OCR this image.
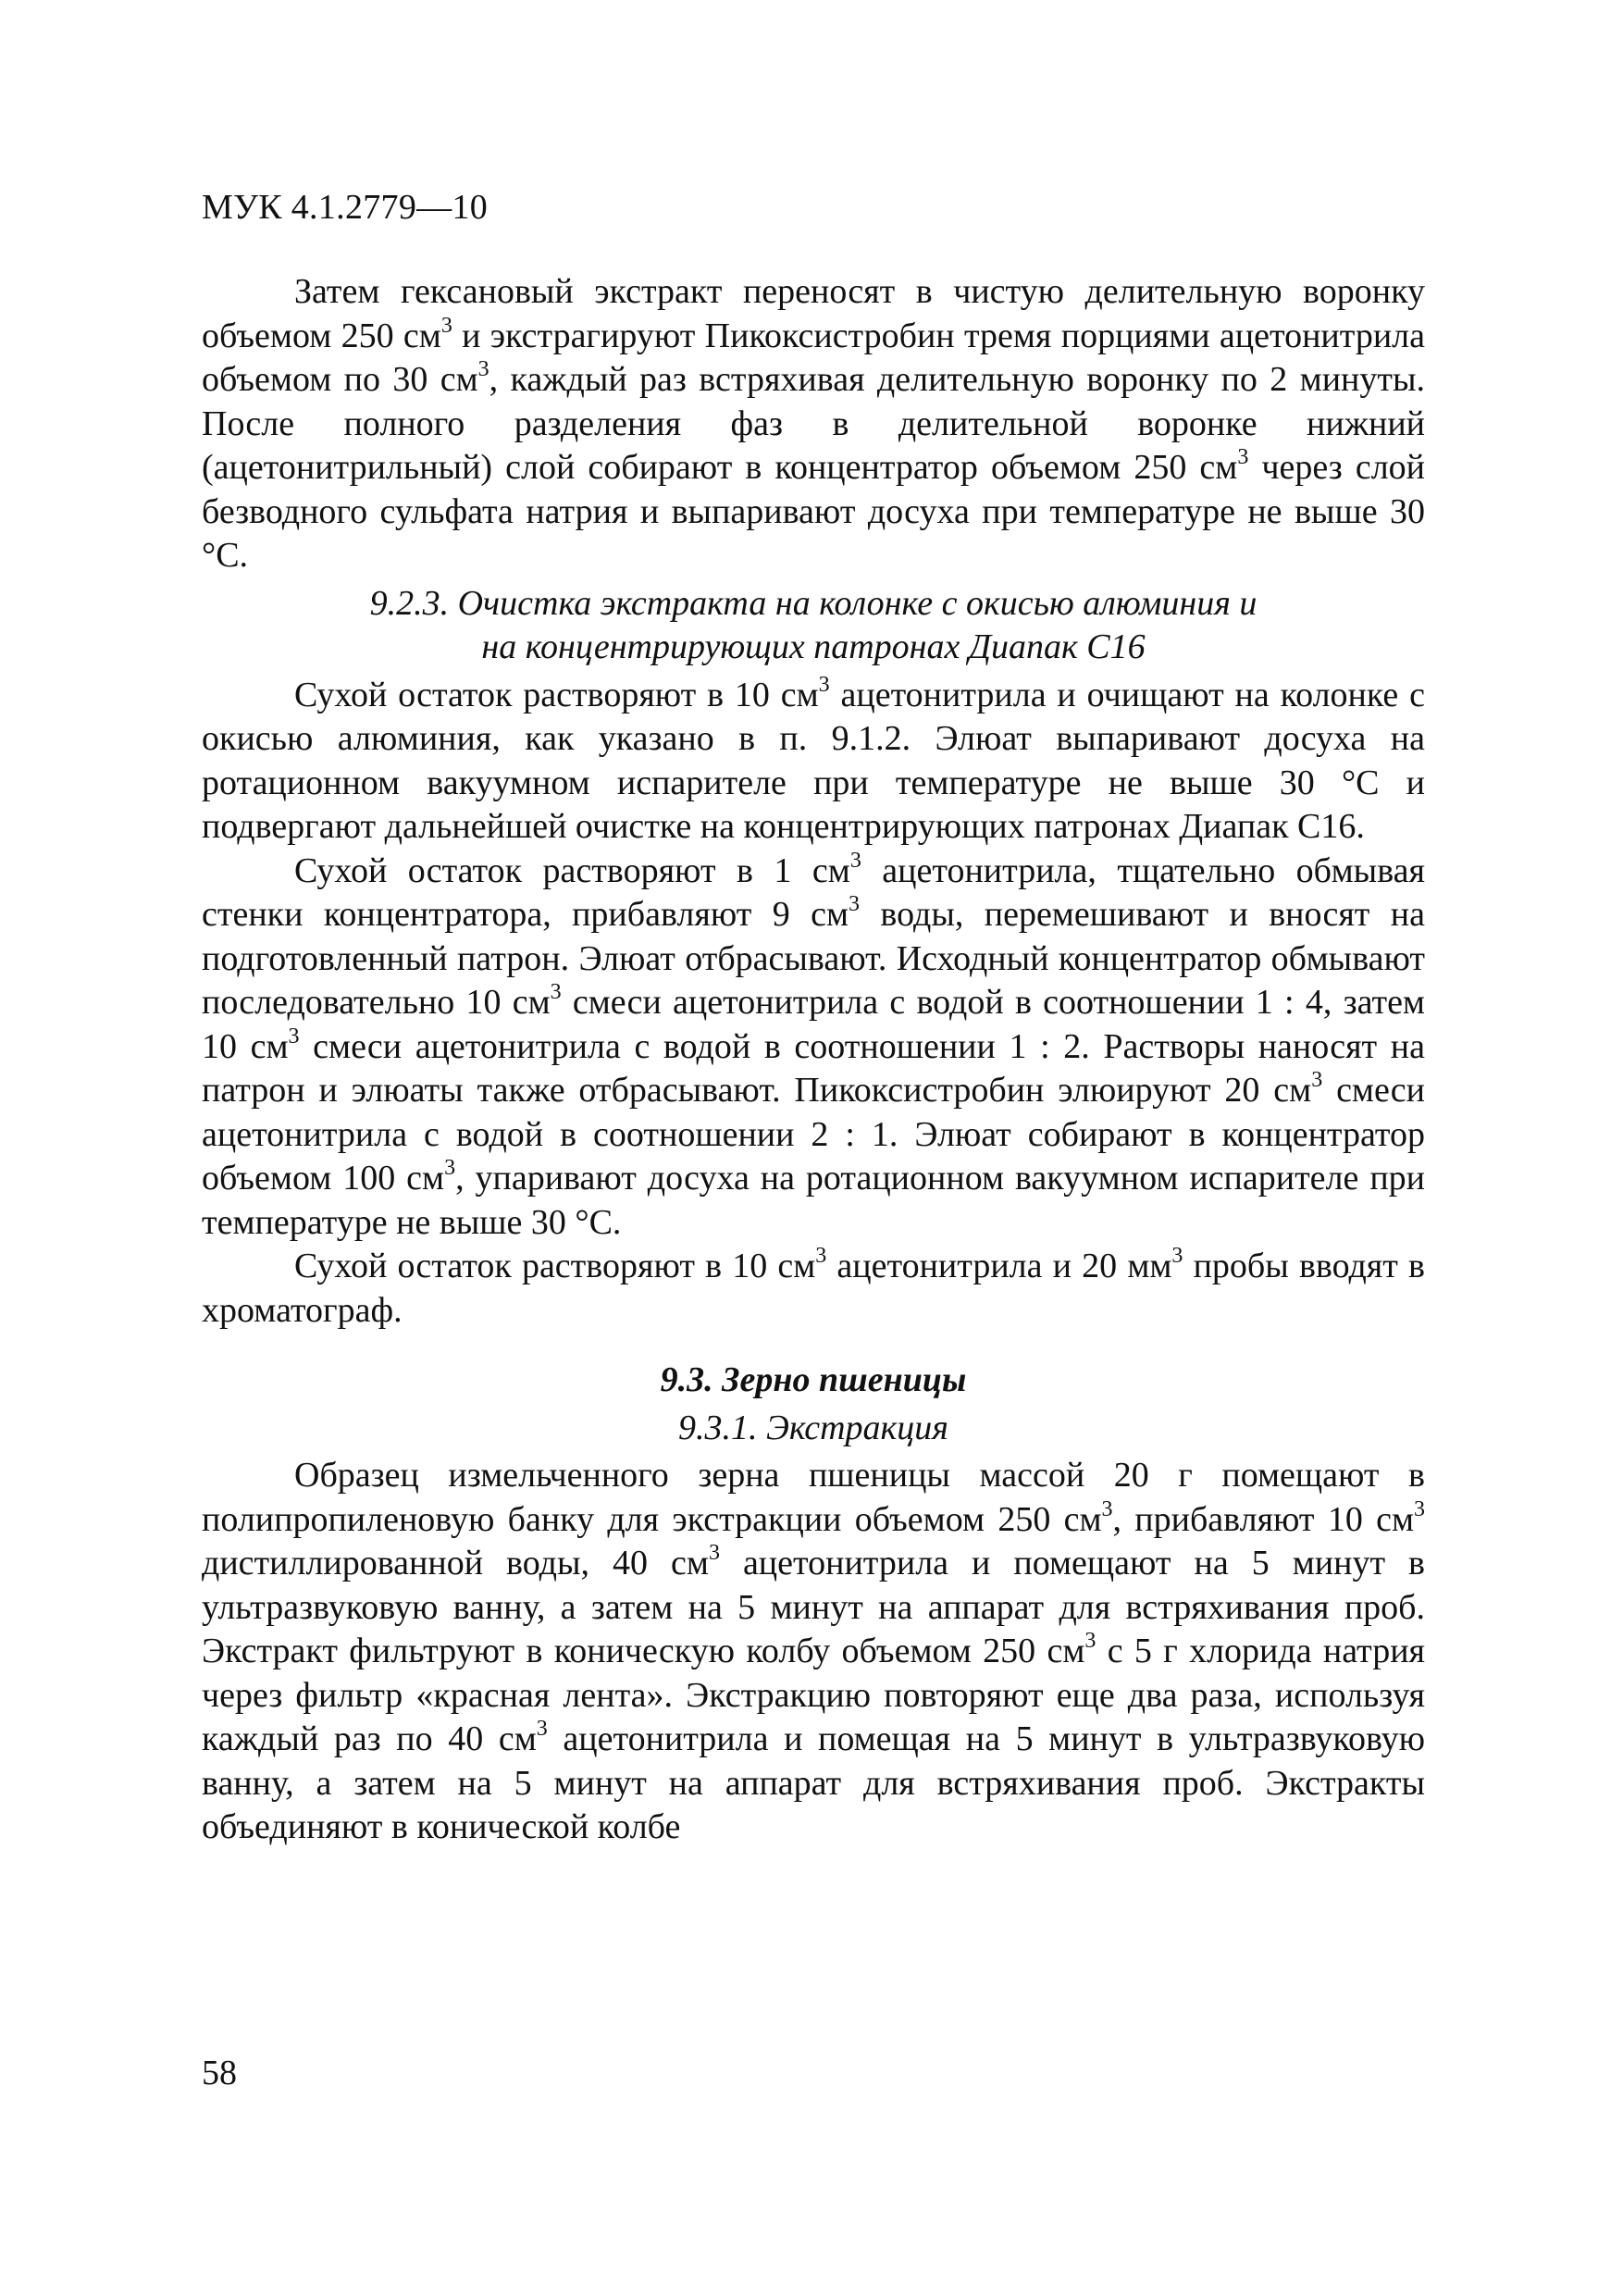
МУК 4.1.2779—10

Затем гексановый экстракт переносят в чистую делительную воронку объемом 250 $см^3$ и экстрагируют Пикоксистробин тремя порциями ацетонитрила объемом по 30 $см^3$, каждый раз встряхивая делительную воронку по 2 минуты. После полного разделения фаз в делительной воронке нижний (ацетонитрильный) слой собирают в концентратор объемом 250 $см^3$ через слой безводного сульфата натрия и выпаривают досуха при температуре не выше 30 °С.

9.2.3. Очистка экстракта на колонке с окисью алюминия и
на концентрирующих патронах Диапак С16

Сухой остаток растворяют в 10 $см^3$ ацетонитрила и очищают на колонке с окисью алюминия, как указано в п. 9.1.2. Элюат выпаривают досуха на ротационном вакуумном испарителе при температуре не выше 30 °С и подвергают дальнейшей очистке на концентрирующих патронах Диапак С16.

Сухой остаток растворяют в 1 $см^3$ ацетонитрила, тщательно обмывая стенки концентратора, прибавляют 9 $см^3$ воды, перемешивают и вносят на подготовленный патрон. Элюат отбрасывают. Исходный концентратор обмывают последовательно 10 $см^3$ смеси ацетонитрила с водой в соотношении 1 : 4, затем 10 $см^3$ смеси ацетонитрила с водой в соотношении 1 : 2. Растворы наносят на патрон и элюаты также отбрасывают. Пикоксистробин элюируют 20 $см^3$ смеси ацетонитрила с водой в соотношении 2 : 1. Элюат собирают в концентратор объемом 100 $см^3$, упаривают досуха на ротационном вакуумном испарителе при температуре не выше 30 °С.

Сухой остаток растворяют в 10 $см^3$ ацетонитрила и 20 $мм^3$ пробы вводят в хроматограф.

9.3. Зерно пшеницы
9.3.1. Экстракция

Образец измельченного зерна пшеницы массой 20 г помещают в полипропиленовую банку для экстракции объемом 250 $см^3$, прибавляют 10 $см^3$ дистиллированной воды, 40 $см^3$ ацетонитрила и помещают на 5 минут в ультразвуковую ванну, а затем на 5 минут на аппарат для встряхивания проб. Экстракт фильтруют в коническую колбу объемом 250 $см^3$ с 5 г хлорида натрия через фильтр «красная лента». Экстракцию повторяют еще два раза, используя каждый раз по 40 $см^3$ ацетонитрила и помещая на 5 минут в ультразвуковую ванну, а затем на 5 минут на аппарат для встряхивания проб. Экстракты объединяют в конической колбе

58
